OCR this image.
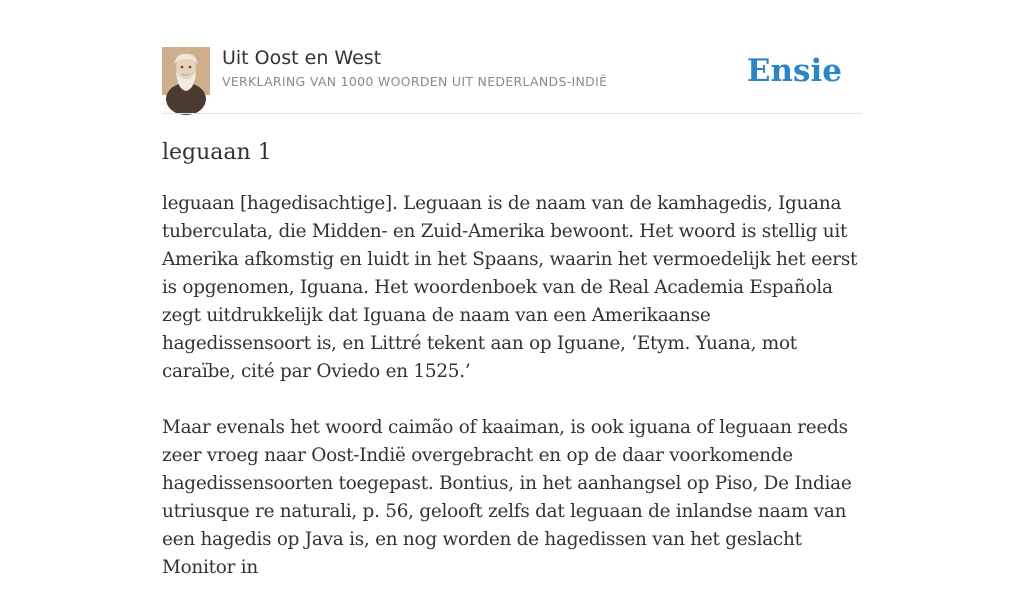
Uit Oost en West
VERKLARING VAN 1000 WOORDEN UIT NEDERLANDS-INDIË	Ensie
leguaan 1

leguaan [hagedisachtige]. Leguaan is de naam van de kamhagedis, Iguana tuberculata, die Midden- en Zuid-Amerika bewoont. Het woord is stellig uit Amerika afkomstig en luidt in het Spaans, waarin het vermoedelijk het eerst is opgenomen, Iguana. Het woordenboek van de Real Academia Española zegt uitdrukkelijk dat Iguana de naam van een Amerikaanse hagedissensoort is, en Littré tekent aan op Iguane, ‘Etym. Yuana, mot caraïbe, cité par Oviedo en 1525.’

Maar evenals het woord caimão of kaaiman, is ook iguana of leguaan reeds zeer vroeg naar Oost-Indië overgebracht en op de daar voorkomende hagedissensoorten toegepast. Bontius, in het aanhangsel op Piso, De Indiae utriusque re naturali, p. 56, gelooft zelfs dat leguaan de inlandse naam van een hagedis op Java is, en nog worden de hagedissen van het geslacht Monitor in
